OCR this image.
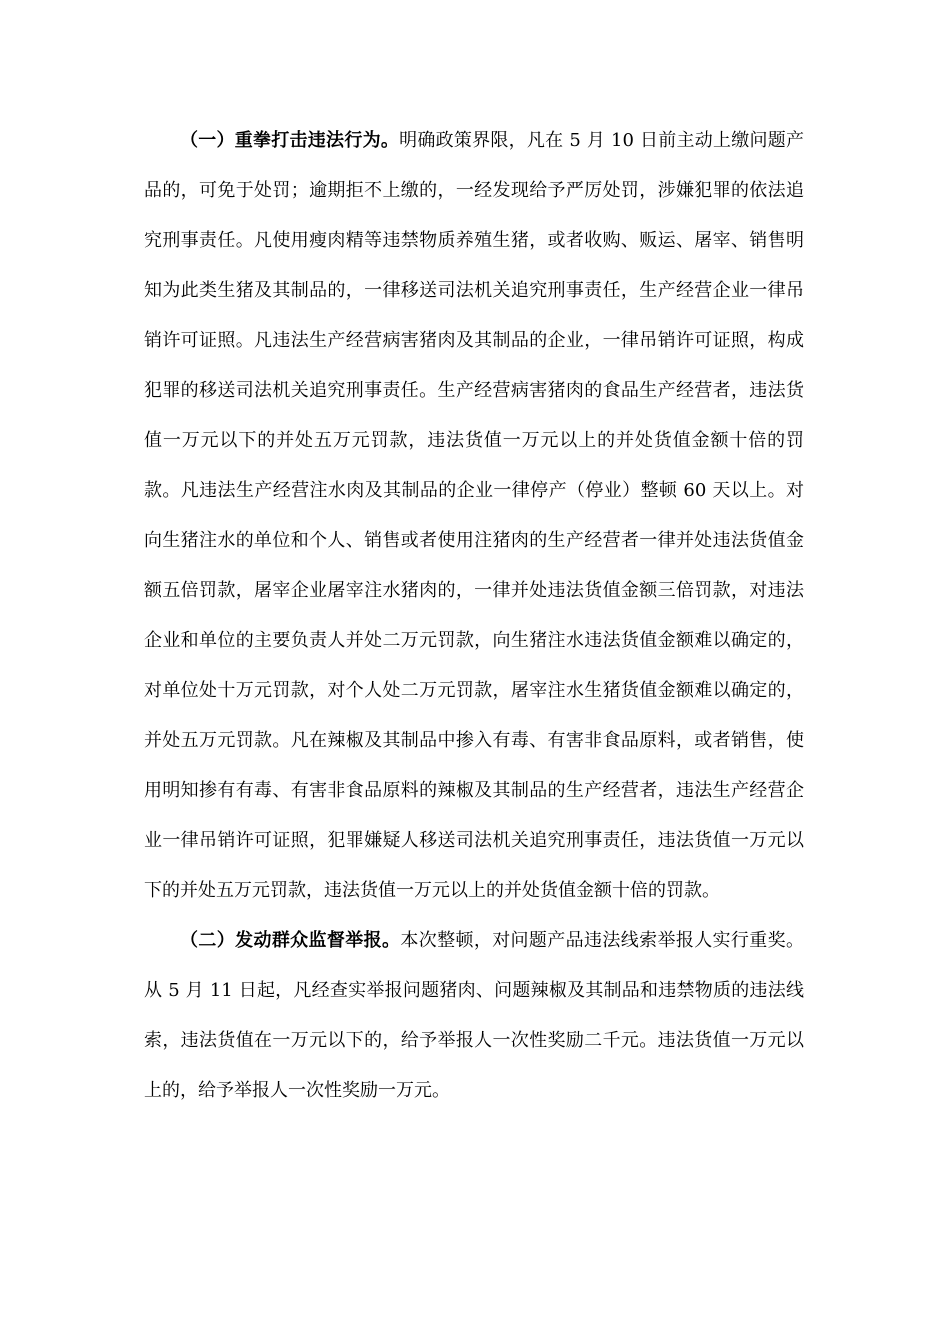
（一）重拳打击违法行为。明确政策界限，凡在 5 月 10 日前主动上缴问题产品的，可免于处罚；逾期拒不上缴的，一经发现给予严厉处罚，涉嫌犯罪的依法追究刑事责任。凡使用瘦肉精等违禁物质养殖生猪，或者收购、贩运、屠宰、销售明知为此类生猪及其制品的，一律移送司法机关追究刑事责任，生产经营企业一律吊销许可证照。凡违法生产经营病害猪肉及其制品的企业，一律吊销许可证照，构成犯罪的移送司法机关追究刑事责任。生产经营病害猪肉的食品生产经营者，违法货值一万元以下的并处五万元罚款，违法货值一万元以上的并处货值金额十倍的罚款。凡违法生产经营注水肉及其制品的企业一律停产（停业）整顿 60 天以上。对向生猪注水的单位和个人、销售或者使用注猪肉的生产经营者一律并处违法货值金额五倍罚款，屠宰企业屠宰注水猪肉的，一律并处违法货值金额三倍罚款，对违法企业和单位的主要负责人并处二万元罚款，向生猪注水违法货值金额难以确定的，对单位处十万元罚款，对个人处二万元罚款，屠宰注水生猪货值金额难以确定的，并处五万元罚款。凡在辣椒及其制品中掺入有毒、有害非食品原料，或者销售，使用明知掺有有毒、有害非食品原料的辣椒及其制品的生产经营者，违法生产经营企业一律吊销许可证照，犯罪嫌疑人移送司法机关追究刑事责任，违法货值一万元以下的并处五万元罚款，违法货值一万元以上的并处货值金额十倍的罚款。

（二）发动群众监督举报。本次整顿，对问题产品违法线索举报人实行重奖。从 5 月 11 日起，凡经查实举报问题猪肉、问题辣椒及其制品和违禁物质的违法线索，违法货值在一万元以下的，给予举报人一次性奖励二千元。违法货值一万元以上的，给予举报人一次性奖励一万元。
